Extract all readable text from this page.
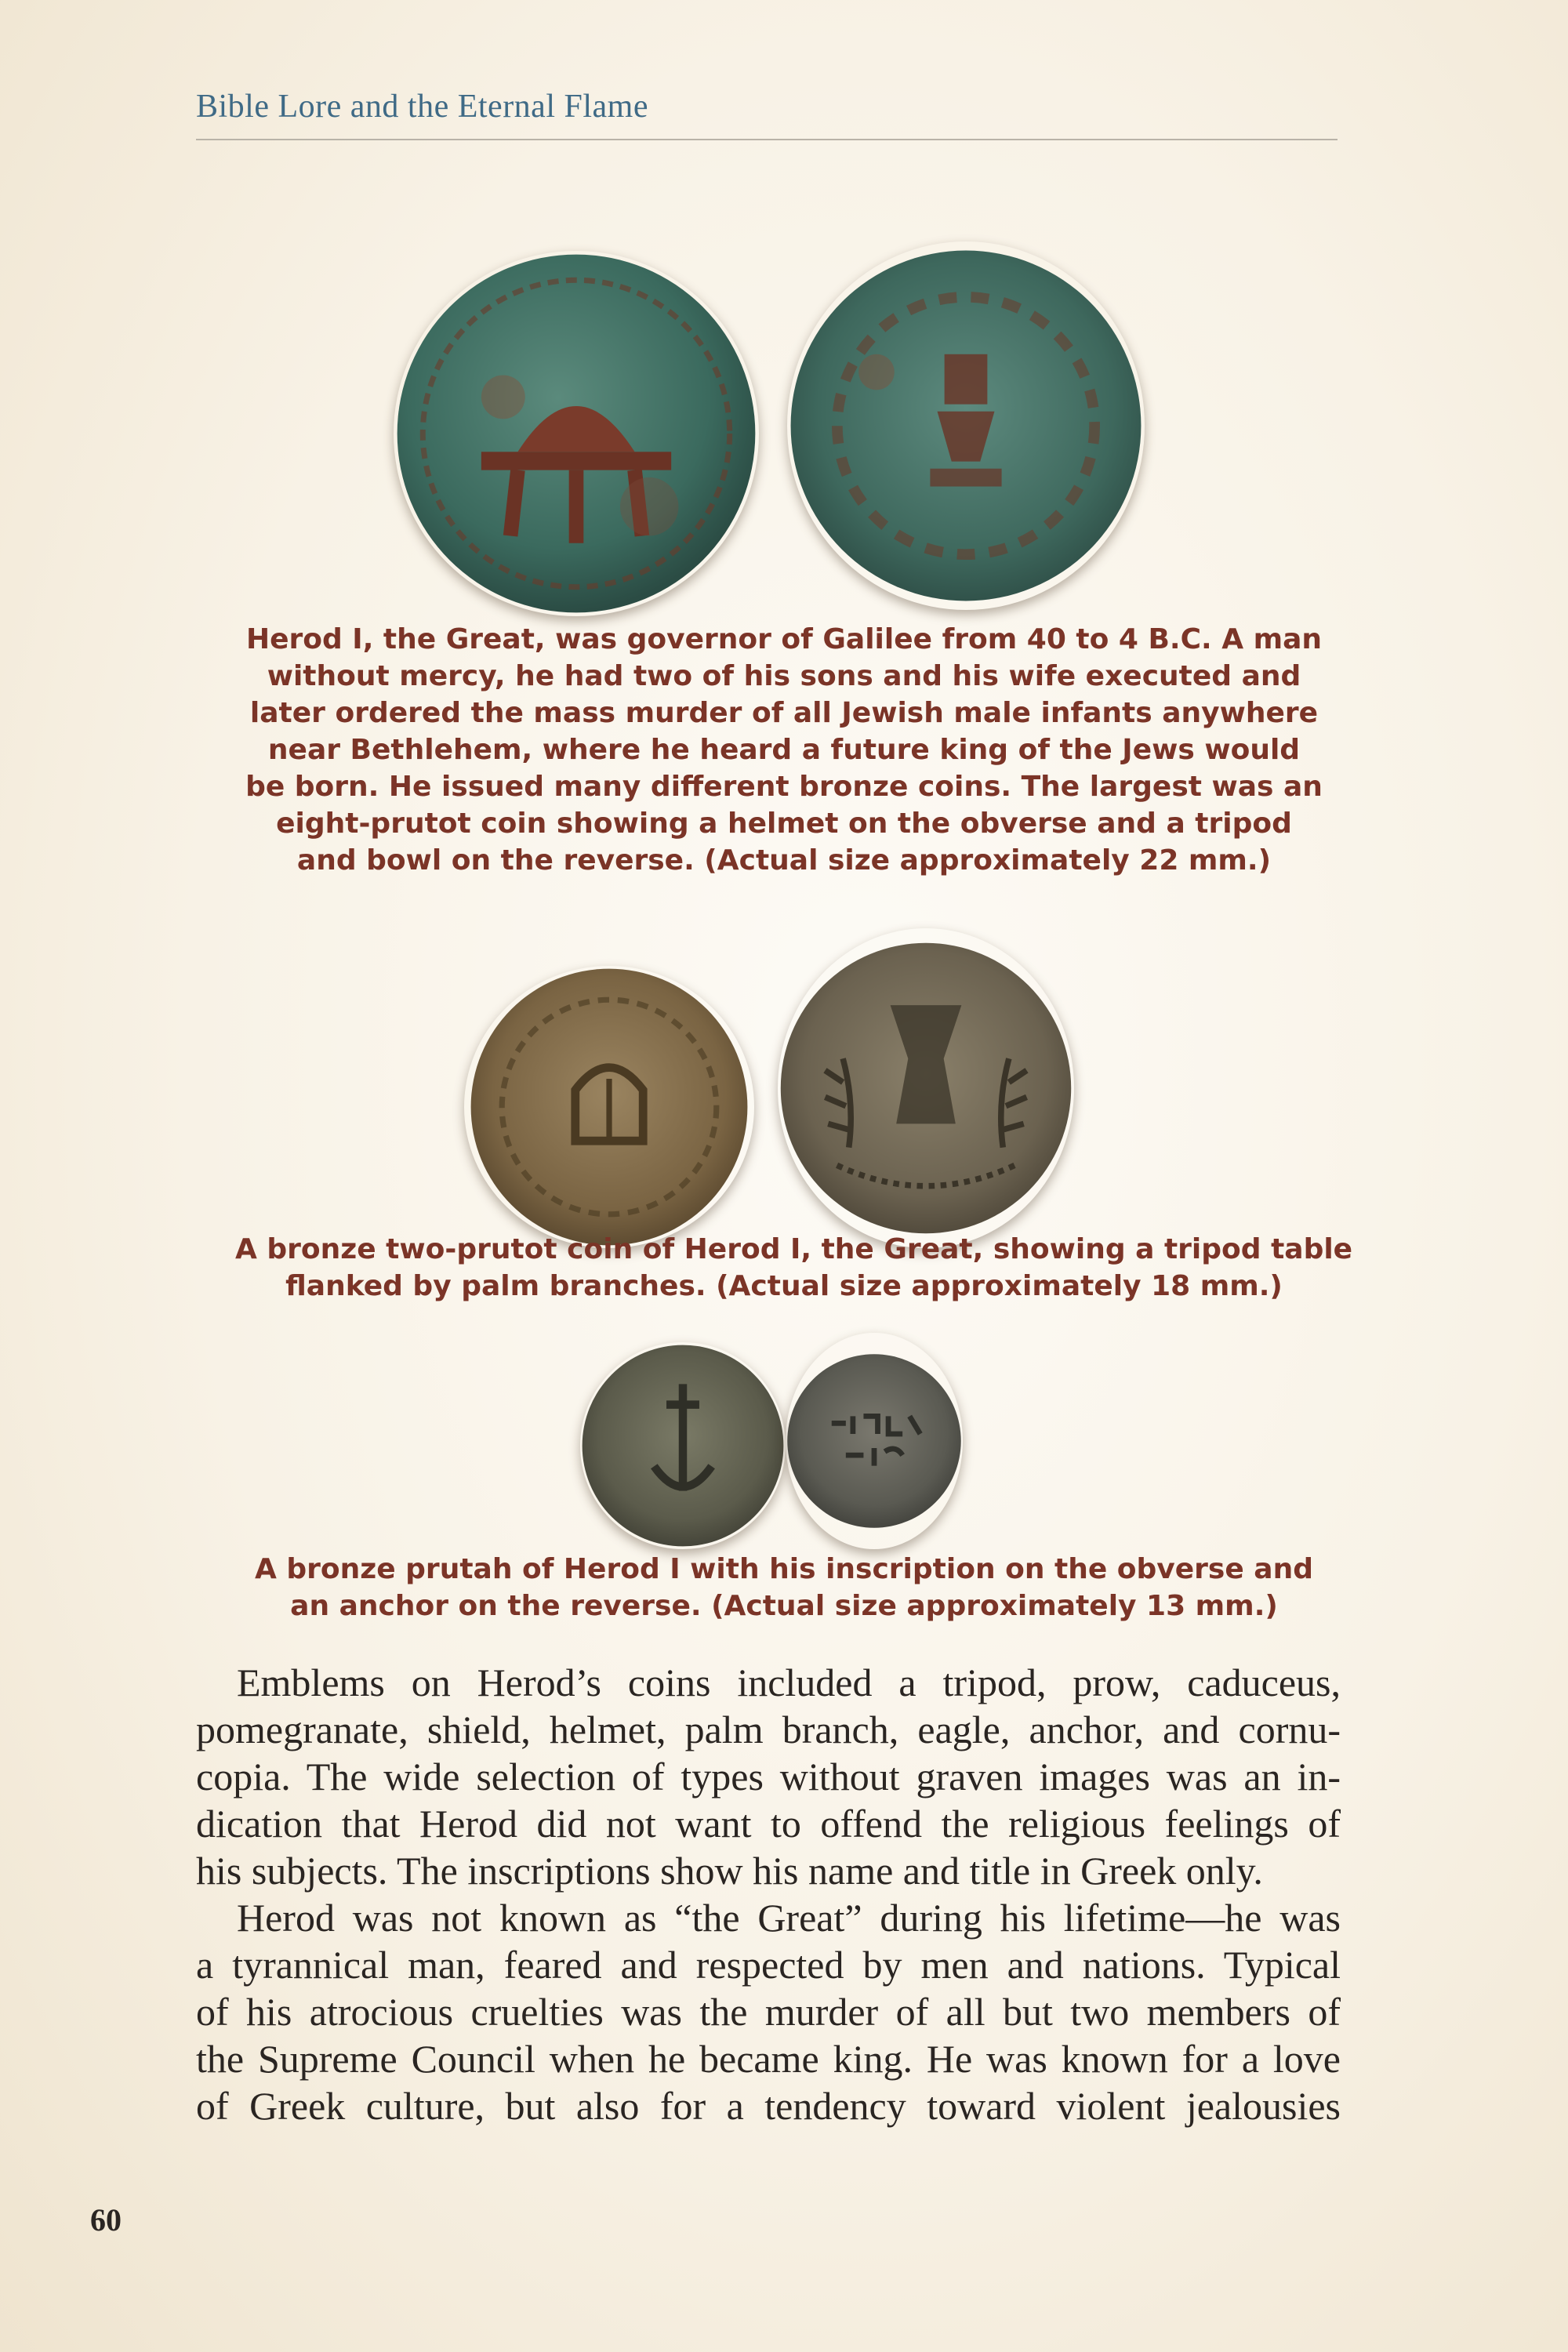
Bible Lore and the Eternal Flame
Herod I, the Great, was governor of Galilee from 40 to 4 B.C. A man
without mercy, he had two of his sons and his wife executed and
later ordered the mass murder of all Jewish male infants anywhere
near Bethlehem, where he heard a future king of the Jews would
be born. He issued many different bronze coins. The largest was an
eight-prutot coin showing a helmet on the obverse and a tripod
and bowl on the reverse. (Actual size approximately 22 mm.)
A bronze two-prutot coin of Herod I, the Great, showing a tripod table
flanked by palm branches. (Actual size approximately 18 mm.)
A bronze prutah of Herod I with his inscription on the obverse and
an anchor on the reverse. (Actual size approximately 13 mm.)
Emblems on Herod’s coins included a tripod, prow, caduceus,
pomegranate, shield, helmet, palm branch, eagle, anchor, and cornu-
copia. The wide selection of types without graven images was an in-
dication that Herod did not want to offend the religious feelings of
his subjects. The inscriptions show his name and title in Greek only.
Herod was not known as “the Great” during his lifetime—he was
a tyrannical man, feared and respected by men and nations. Typical
of his atrocious cruelties was the murder of all but two members of
the Supreme Council when he became king. He was known for a love
of Greek culture, but also for a tendency toward violent jealousies
60
